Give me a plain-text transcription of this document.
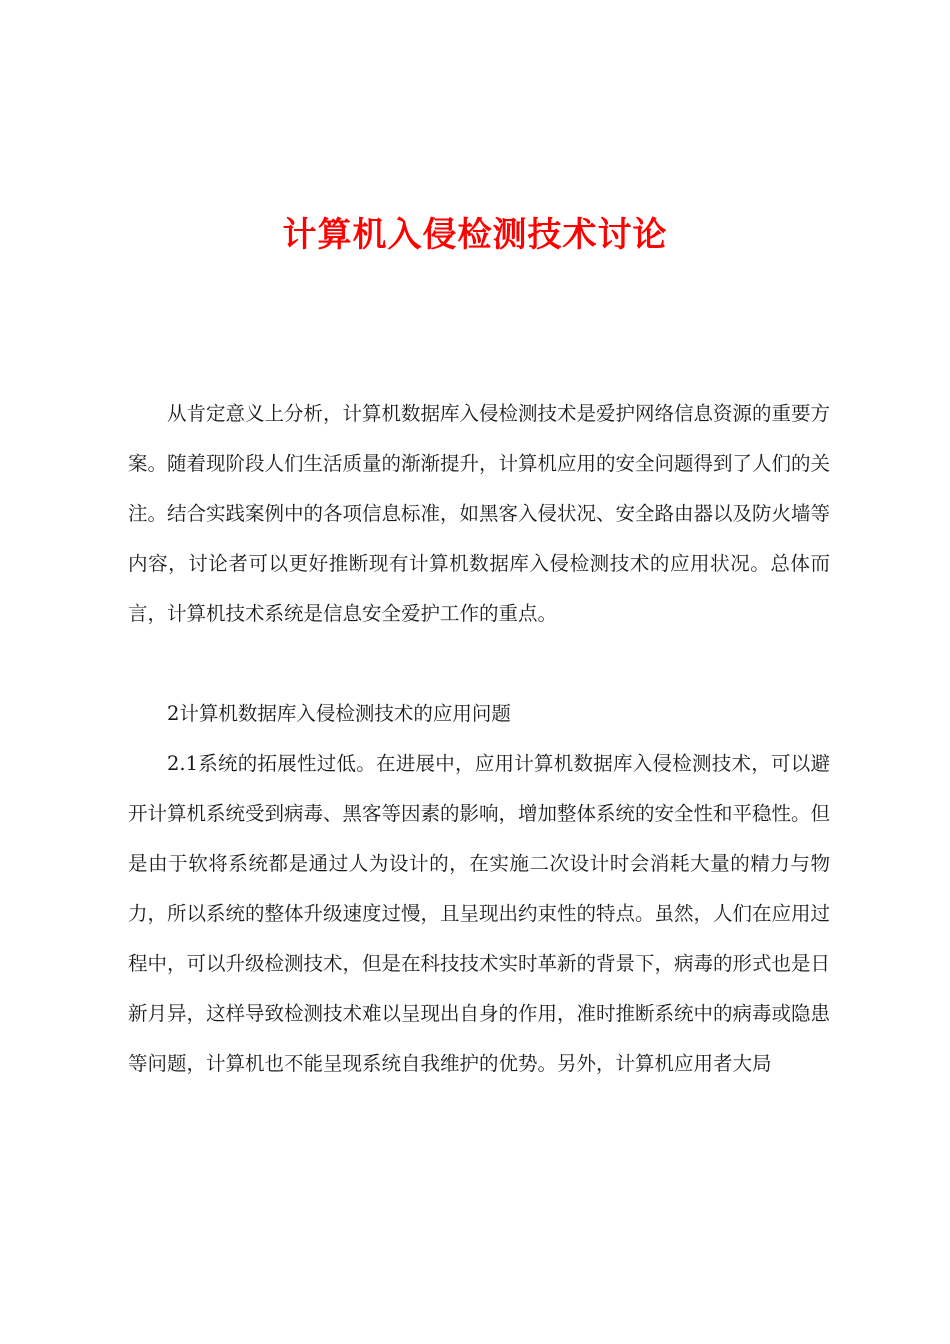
计算机入侵检测技术讨论

从肯定意义上分析，计算机数据库入侵检测技术是爱护网络信息资源的重要方案。随着现阶段人们生活质量的渐渐提升，计算机应用的安全问题得到了人们的关注。结合实践案例中的各项信息标准，如黑客入侵状况、安全路由器以及防火墙等内容，讨论者可以更好推断现有计算机数据库入侵检测技术的应用状况。总体而言，计算机技术系统是信息安全爱护工作的重点。

2计算机数据库入侵检测技术的应用问题

2.1系统的拓展性过低。在进展中，应用计算机数据库入侵检测技术，可以避开计算机系统受到病毒、黑客等因素的影响，增加整体系统的安全性和平稳性。但是由于软将系统都是通过人为设计的，在实施二次设计时会消耗大量的精力与物力，所以系统的整体升级速度过慢，且呈现出约束性的特点。虽然，人们在应用过程中，可以升级检测技术，但是在科技技术实时革新的背景下，病毒的形式也是日新月异，这样导致检测技术难以呈现出自身的作用，准时推断系统中的病毒或隐患等问题，计算机也不能呈现系统自我维护的优势。另外，计算机应用者大局
